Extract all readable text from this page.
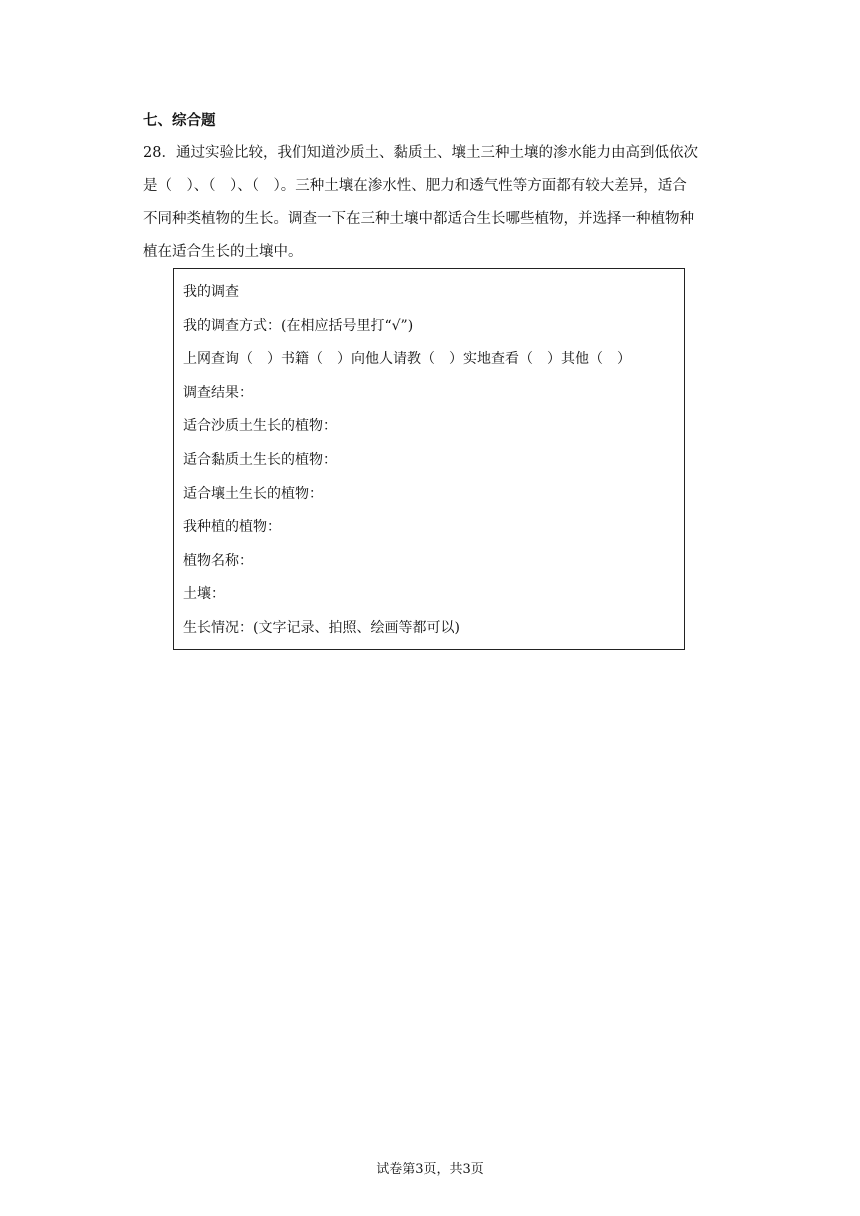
七、综合题

28．通过实验比较，我们知道沙质土、黏质土、壤土三种土壤的渗水能力由高到低依次

是（　）、（　）、（　）。三种土壤在渗水性、肥力和透气性等方面都有较大差异，适合

不同种类植物的生长。调查一下在三种土壤中都适合生长哪些植物，并选择一种植物种

植在适合生长的土壤中。

我的调查
我的调查方式：(在相应括号里打“√”)
上网查询（　）书籍（　）向他人请教（　）实地查看（　）其他（　）
调查结果：
适合沙质土生长的植物：
适合黏质土生长的植物：
适合壤土生长的植物：
我种植的植物：
植物名称：
土壤：
生长情况：(文字记录、拍照、绘画等都可以)
试卷第3页，共3页
